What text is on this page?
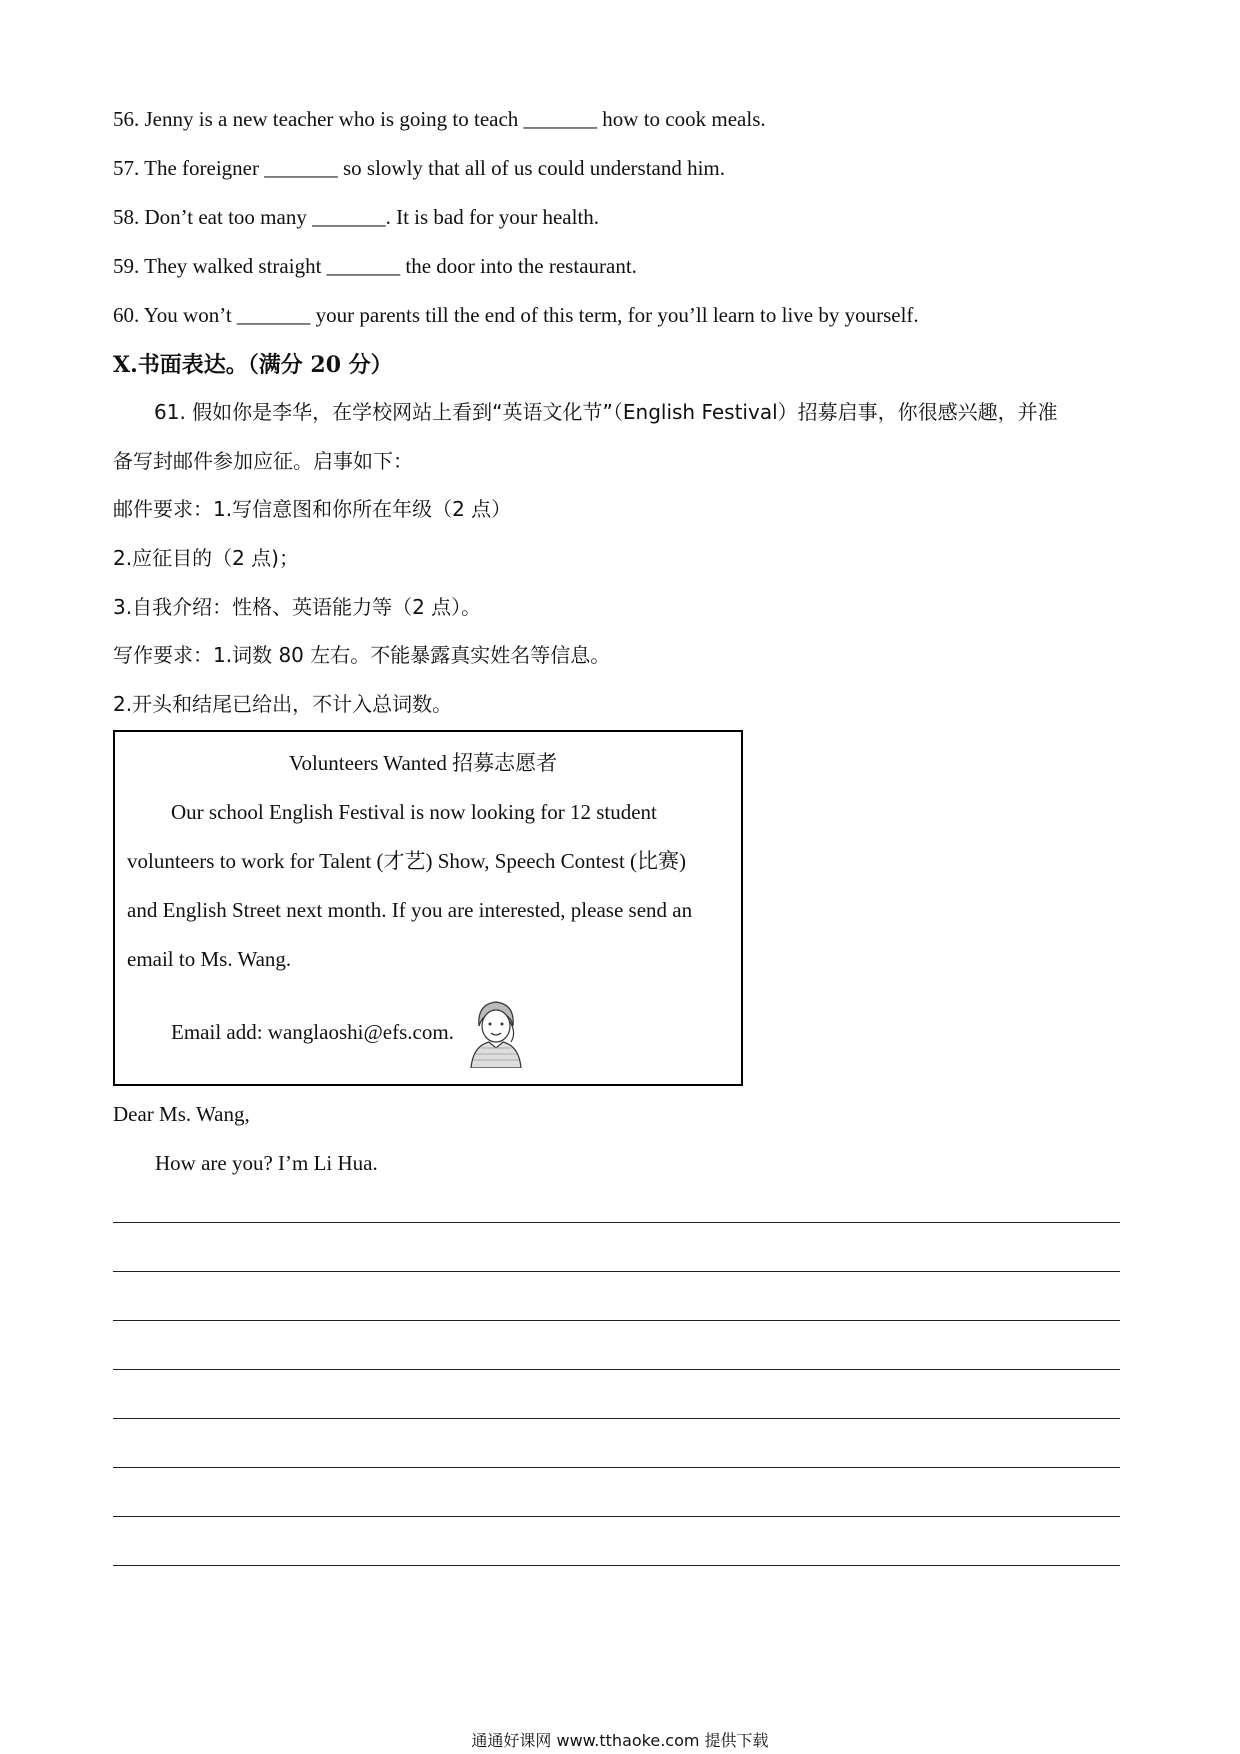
56. Jenny is a new teacher who is going to teach _______ how to cook meals.
57. The foreigner _______ so slowly that all of us could understand him.
58. Don’t eat too many _______. It is bad for your health.
59. They walked straight _______ the door into the restaurant.
60. You won’t _______ your parents till the end of this term, for you’ll learn to live by yourself.
X.书面表达。（满分 20 分）
61. 假如你是李华，在学校网站上看到“英语文化节”（English Festival）招募启事，你很感兴趣，并准
备写封邮件参加应征。启事如下：
邮件要求：1.写信意图和你所在年级（2 点）
2.应征目的（2 点)；
3.自我介绍：性格、英语能力等（2 点）。
写作要求：1.词数 80 左右。不能暴露真实姓名等信息。
2.开头和结尾已给出，不计入总词数。
Volunteers Wanted 招募志愿者
Our school English Festival is now looking for 12 student
volunteers to work for Talent (才艺) Show, Speech Contest (比赛)
and English Street next month. If you are interested, please send an
email to Ms. Wang.
Email add: wanglaoshi@efs.com.
Dear Ms. Wang,
How are you? I’m Li Hua.
通通好课网 www.tthaoke.com 提供下载
